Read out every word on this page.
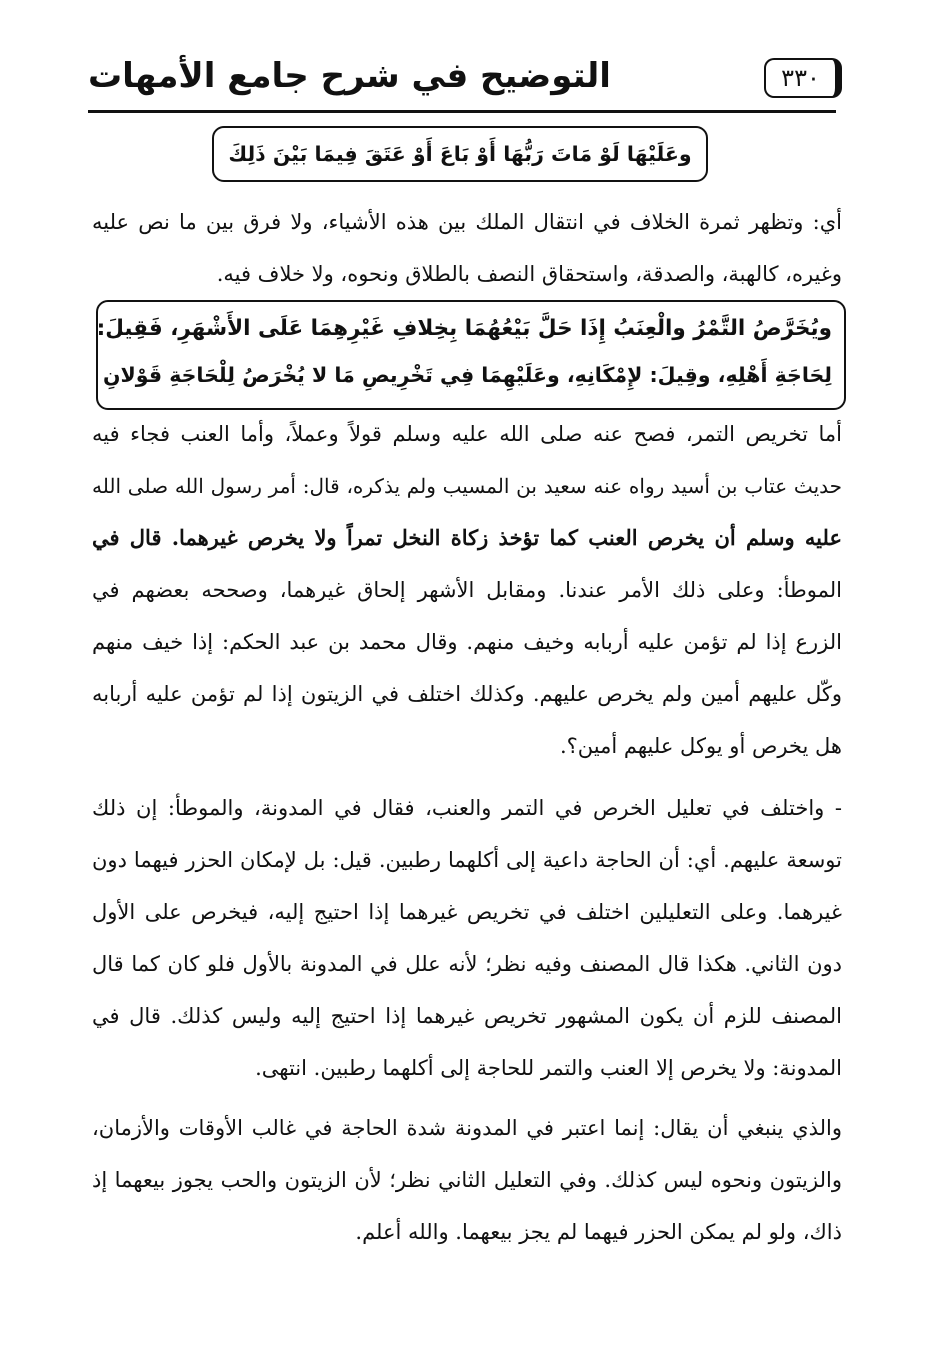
٣٣٠
التوضيح في شرح جامع الأمهات
وعَلَيْهَا لَوْ مَاتَ رَبُّهَا أَوْ بَاعَ أَوْ عَتَقَ فِيمَا بَيْنَ ذَلِكَ
أي: وتظهر ثمرة الخلاف في انتقال الملك بين هذه الأشياء، ولا فرق بين ما نص عليه
وغيره، كالهبة، والصدقة، واستحقاق النصف بالطلاق ونحوه، ولا خلاف فيه.
ويُخَرَّصُ التَّمْرُ والْعِنَبُ إِذَا حَلَّ بَيْعُهُمَا بِخِلافِ غَيْرِهِمَا عَلَى الأَشْهَرِ، فَقِيلَ:
لِحَاجَةِ أَهْلِهِ، وقِيلَ: لإِمْكَانِهِ، وعَلَيْهِمَا فِي تَخْرِيصِ مَا لا يُخْرَصُ لِلْحَاجَةِ قَوْلانِ
أما تخريص التمر، فصح عنه صلى الله عليه وسلم قولاً وعملاً، وأما العنب فجاء فيه
حديث عتاب بن أسيد رواه عنه سعيد بن المسيب ولم يذكره، قال: أمر رسول الله صلى الله
عليه وسلم أن يخرص العنب كما تؤخذ زكاة النخل تمراً ولا يخرص غيرهما. قال في
الموطأ: وعلى ذلك الأمر عندنا. ومقابل الأشهر إلحاق غيرهما، وصححه بعضهم في
الزرع إذا لم تؤمن عليه أربابه وخيف منهم. وقال محمد بن عبد الحكم: إذا خيف منهم
وكّل عليهم أمين ولم يخرص عليهم. وكذلك اختلف في الزيتون إذا لم تؤمن عليه أربابه
هل يخرص أو يوكل عليهم أمين؟.
- واختلف في تعليل الخرص في التمر والعنب، فقال في المدونة، والموطأ: إن ذلك
توسعة عليهم. أي: أن الحاجة داعية إلى أكلهما رطبين. قيل: بل لإمكان الحزر فيهما دون
غيرهما. وعلى التعليلين اختلف في تخريص غيرهما إذا احتيج إليه، فيخرص على الأول
دون الثاني. هكذا قال المصنف وفيه نظر؛ لأنه علل في المدونة بالأول فلو كان كما قال
المصنف للزم أن يكون المشهور تخريص غيرهما إذا احتيج إليه وليس كذلك. قال في
المدونة: ولا يخرص إلا العنب والتمر للحاجة إلى أكلهما رطبين. انتهى.
والذي ينبغي أن يقال: إنما اعتبر في المدونة شدة الحاجة في غالب الأوقات والأزمان،
والزيتون ونحوه ليس كذلك. وفي التعليل الثاني نظر؛ لأن الزيتون والحب يجوز بيعهما إذ
ذاك، ولو لم يمكن الحزر فيهما لم يجز بيعهما. والله أعلم.
